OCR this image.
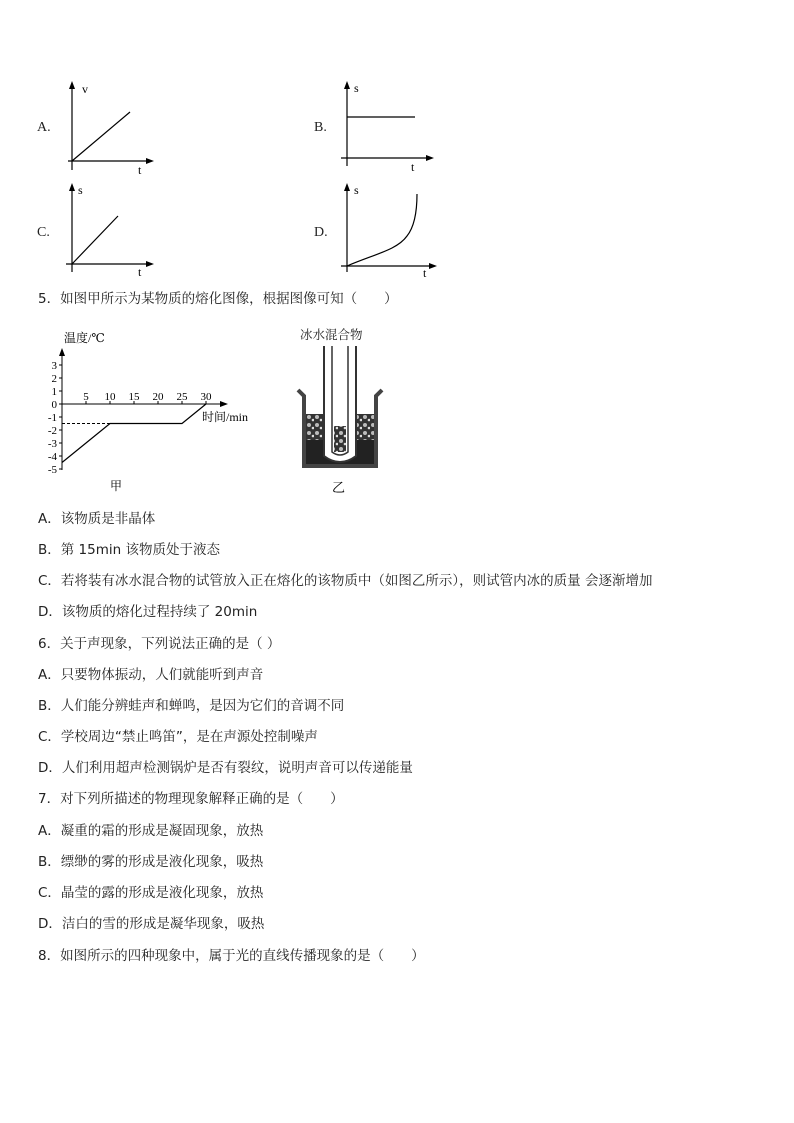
A.
v
t
B.
s
t
C.
s
t
D.
s
t
5．如图甲所示为某物质的熔化图像，根据图像可知（　　）
3
2
1
0
-1
-2
-3
-4
-5
5 10 15 20 25 30
温度/℃
时间/min
甲
冰水混合物
乙
A．该物质是非晶体
B．第 15min 该物质处于液态
C．若将装有冰水混合物的试管放入正在熔化的该物质中（如图乙所示），则试管内冰的质量 会逐渐增加
D．该物质的熔化过程持续了 20min
6．关于声现象，下列说法正确的是（ ）
A．只要物体振动，人们就能听到声音
B．人们能分辨蛙声和蝉鸣，是因为它们的音调不同
C．学校周边“禁止鸣笛”，是在声源处控制噪声
D．人们利用超声检测锅炉是否有裂纹，说明声音可以传递能量
7．对下列所描述的物理现象解释正确的是（　　）
A．凝重的霜的形成是凝固现象，放热
B．缥缈的雾的形成是液化现象，吸热
C．晶莹的露的形成是液化现象，放热
D．洁白的雪的形成是凝华现象，吸热
8．如图所示的四种现象中，属于光的直线传播现象的是（　　）
